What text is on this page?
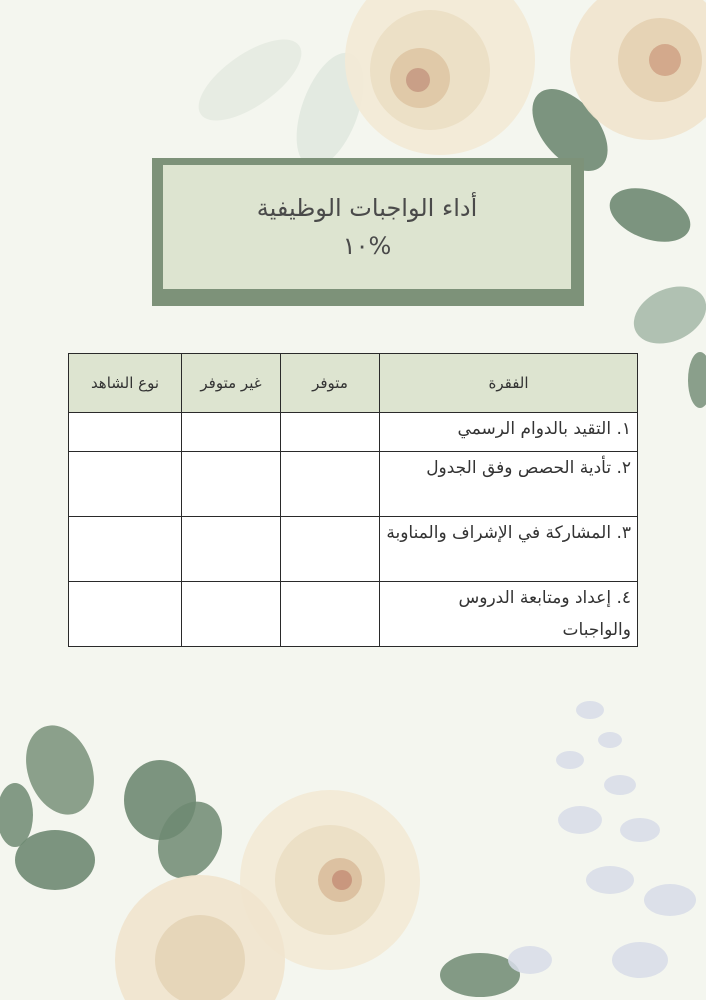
أداء الواجبات الوظيفية
%١٠
الفقرة	متوفر	غير متوفر	نوع الشاهد
١. التقيد بالدوام الرسمي			
٢. تأدية الحصص وفق الجدول			
٣. المشاركة في الإشراف والمناوبة			
٤. إعداد ومتابعة الدروس والواجبات			
